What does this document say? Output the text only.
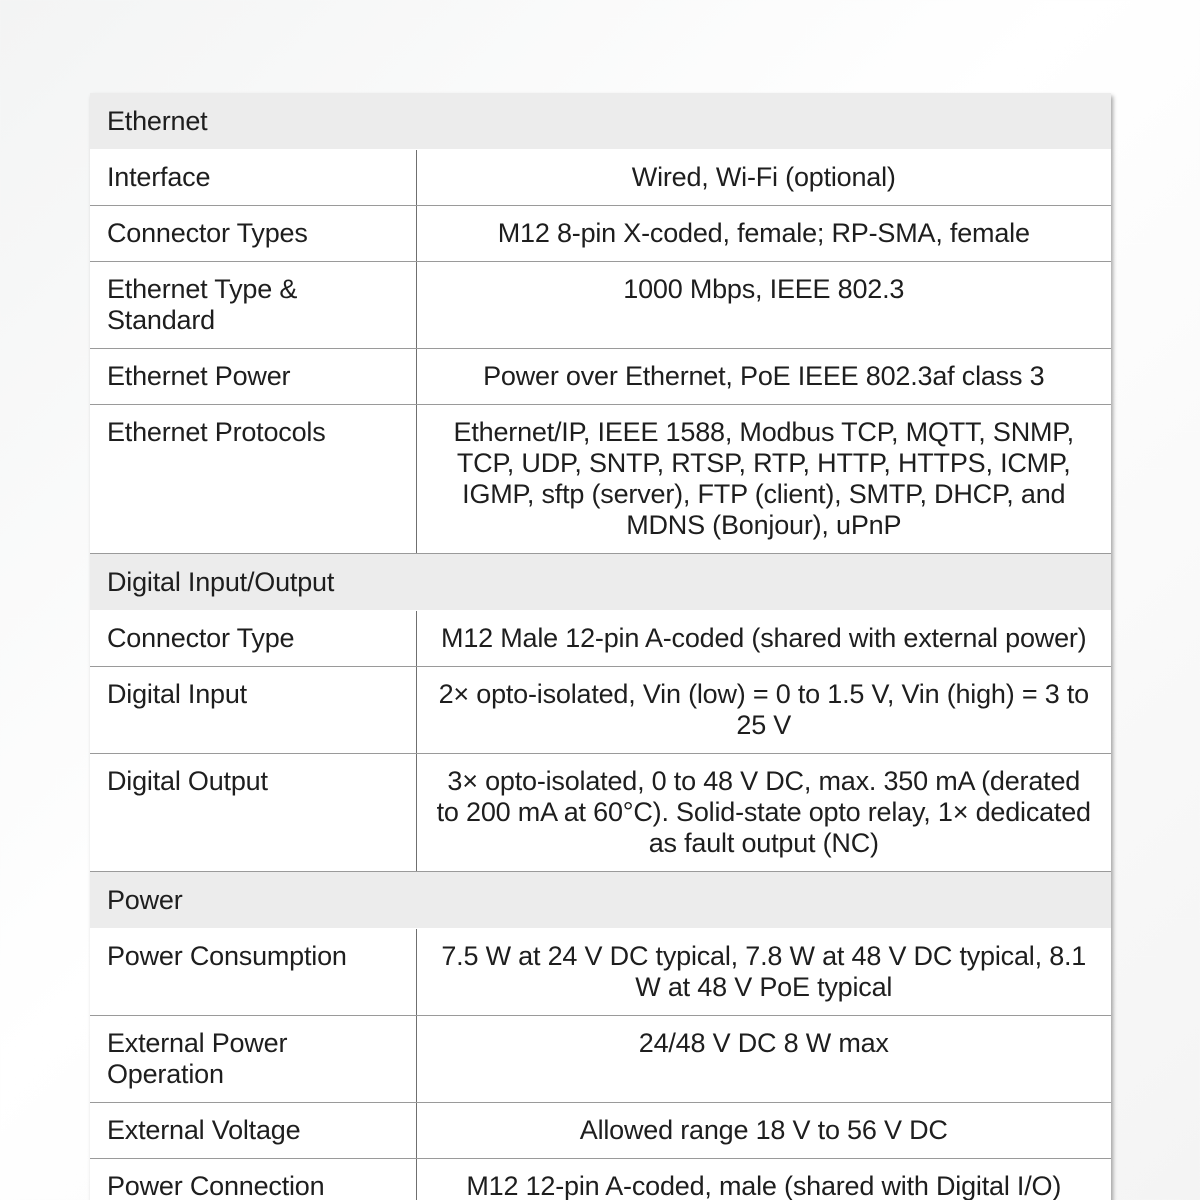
Ethernet	
Interface	Wired, Wi-Fi (optional)
Connector Types	M12 8-pin X-coded, female; RP-SMA, female
Ethernet Type & Standard	1000 Mbps, IEEE 802.3
Ethernet Power	Power over Ethernet, PoE IEEE 802.3af class 3
Ethernet Protocols	Ethernet/IP, IEEE 1588, Modbus TCP, MQTT, SNMP, TCP, UDP, SNTP, RTSP, RTP, HTTP, HTTPS, ICMP, IGMP, sftp (server), FTP (client), SMTP, DHCP, and MDNS (Bonjour), uPnP
Digital Input/Output	
Connector Type	M12 Male 12-pin A-coded (shared with external power)
Digital Input	2× opto-isolated, Vin (low) = 0 to 1.5 V, Vin (high) = 3 to 25 V
Digital Output	3× opto-isolated, 0 to 48 V DC, max. 350 mA (derated to 200 mA at 60°C). Solid-state opto relay, 1× dedicated as fault output (NC)
Power	
Power Consumption	7.5 W at 24 V DC typical, 7.8 W at 48 V DC typical, 8.1 W at 48 V PoE typical
External Power Operation	24/48 V DC 8 W max
External Voltage	Allowed range 18 V to 56 V DC
Power Connection	M12 12-pin A-coded, male (shared with Digital I/O)
